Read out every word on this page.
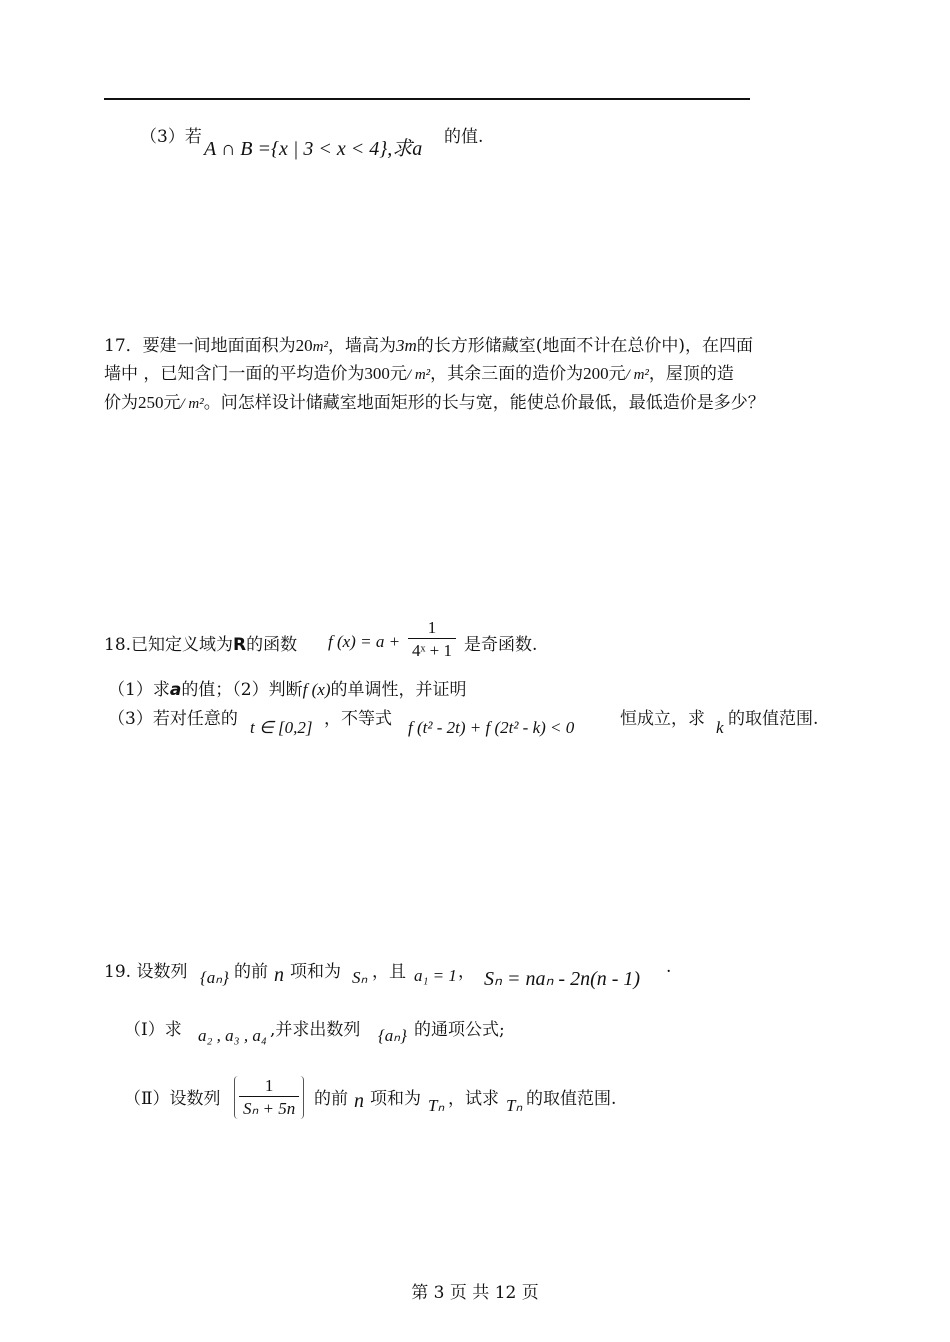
（3）若
A ∩ B ={x | 3 < x < 4},求a
的值.
17．要建一间地面面积为20m²，墙高为3m的长方形储藏室(地面不计在总价中)，在四面
墙中 ，已知含门一面的平均造价为300元/ m²，其余三面的造价为200元/ m²，屋顶的造
价为250元/ m²。问怎样设计储藏室地面矩形的长与宽，能使总价最低，最低造价是多少？
18.已知定义域为R的函数 f $(x) = a + \frac{1}{\text{4ˣ + 1}}$ 是奇函数.
（1）求a的值；（2）判断f (x)的单调性，并证明
（3）若对任意的 t ∈ [0,2] ，不等式 f (t² - 2t) + f (2t² - k) < 0	恒成立，求 k 的取值范围.
19. 设数列 {aₙ} 的前 n 项和为 Sₙ ，且 a₁ = 1 ， Sₙ = naₙ - 2n(n - 1)
.
（Ⅰ）求 a₂ , a₃ , a₄ ,并求出数列 {aₙ} 的通项公式;
（Ⅱ）设数列 $\frac{1}{\text{Sₙ + 5n}}$ 的前 n 项和为 Tₙ ，试求 Tₙ 的取值范围.
第 3 页 共 12 页
